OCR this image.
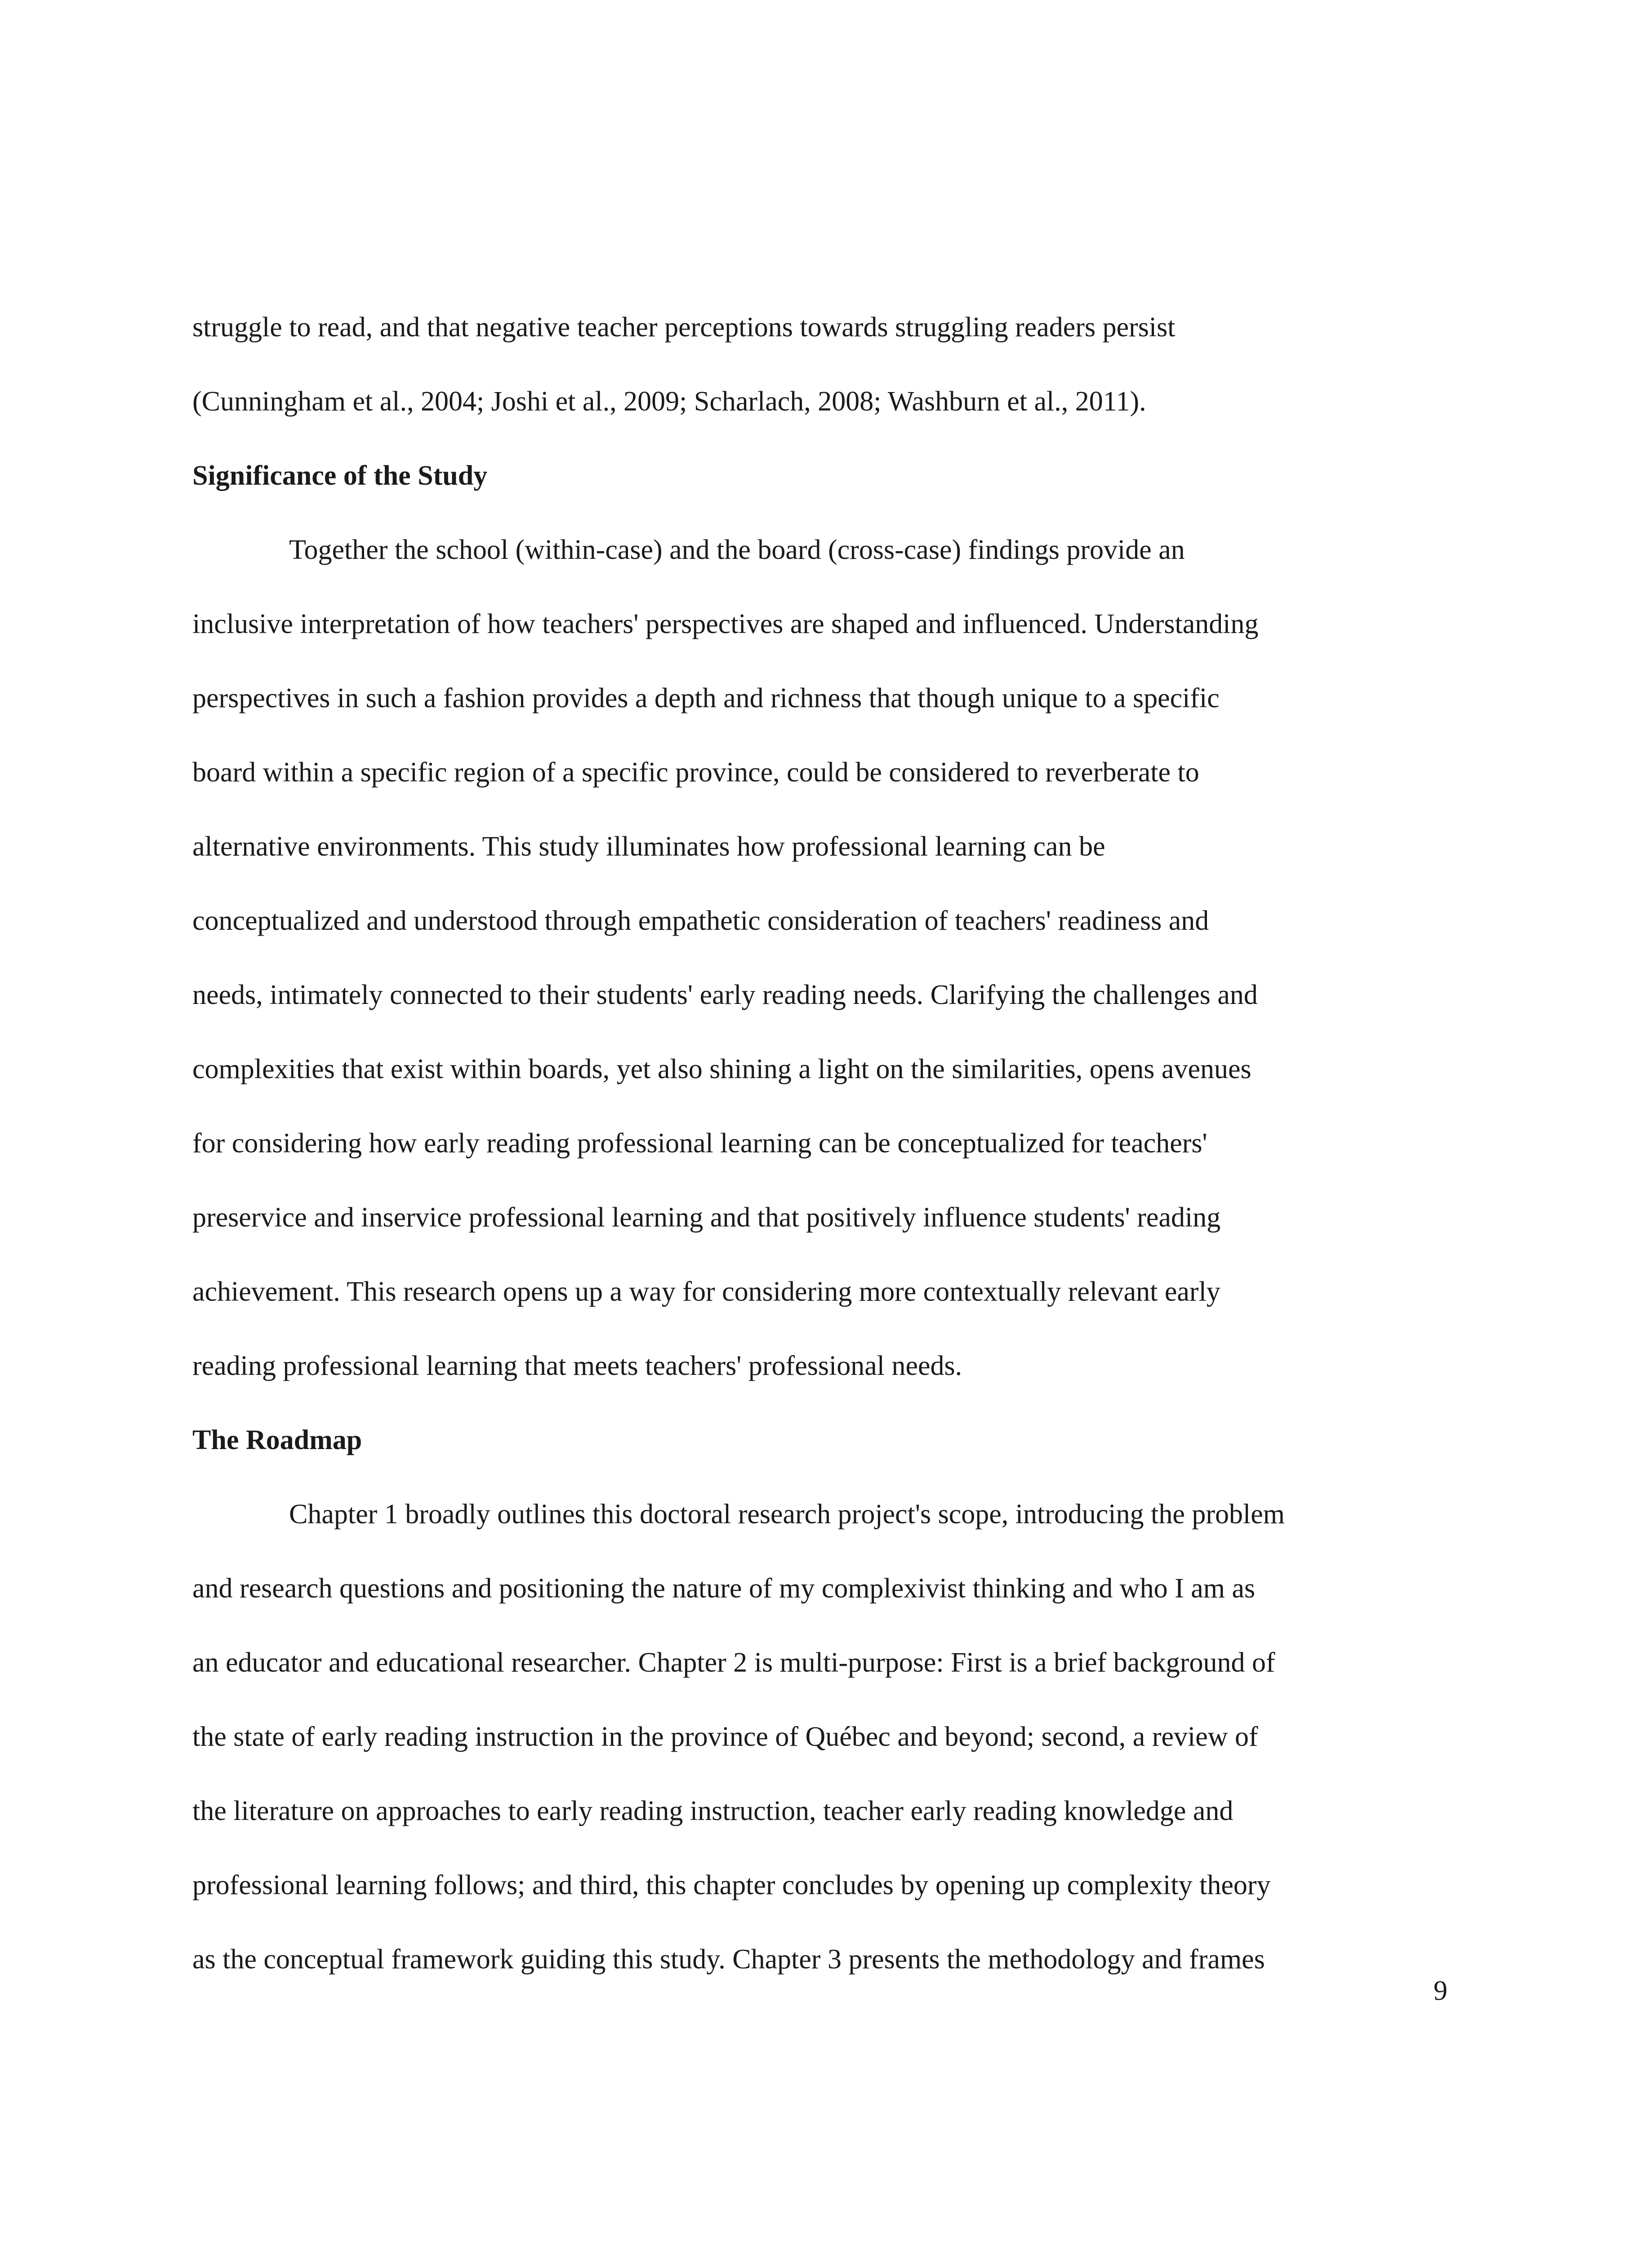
struggle to read, and that negative teacher perceptions towards struggling readers persist
(Cunningham et al., 2004; Joshi et al., 2009; Scharlach, 2008; Washburn et al., 2011).
Significance of the Study
Together the school (within-case) and the board (cross-case) findings provide an
inclusive interpretation of how teachers' perspectives are shaped and influenced. Understanding
perspectives in such a fashion provides a depth and richness that though unique to a specific
board within a specific region of a specific province, could be considered to reverberate to
alternative environments. This study illuminates how professional learning can be
conceptualized and understood through empathetic consideration of teachers' readiness and
needs, intimately connected to their students' early reading needs. Clarifying the challenges and
complexities that exist within boards, yet also shining a light on the similarities, opens avenues
for considering how early reading professional learning can be conceptualized for teachers'
preservice and inservice professional learning and that positively influence students' reading
achievement. This research opens up a way for considering more contextually relevant early
reading professional learning that meets teachers' professional needs.
The Roadmap
Chapter 1 broadly outlines this doctoral research project's scope, introducing the problem
and research questions and positioning the nature of my complexivist thinking and who I am as
an educator and educational researcher. Chapter 2 is multi-purpose: First is a brief background of
the state of early reading instruction in the province of Québec and beyond; second, a review of
the literature on approaches to early reading instruction, teacher early reading knowledge and
professional learning follows; and third, this chapter concludes by opening up complexity theory
as the conceptual framework guiding this study. Chapter 3 presents the methodology and frames
9
